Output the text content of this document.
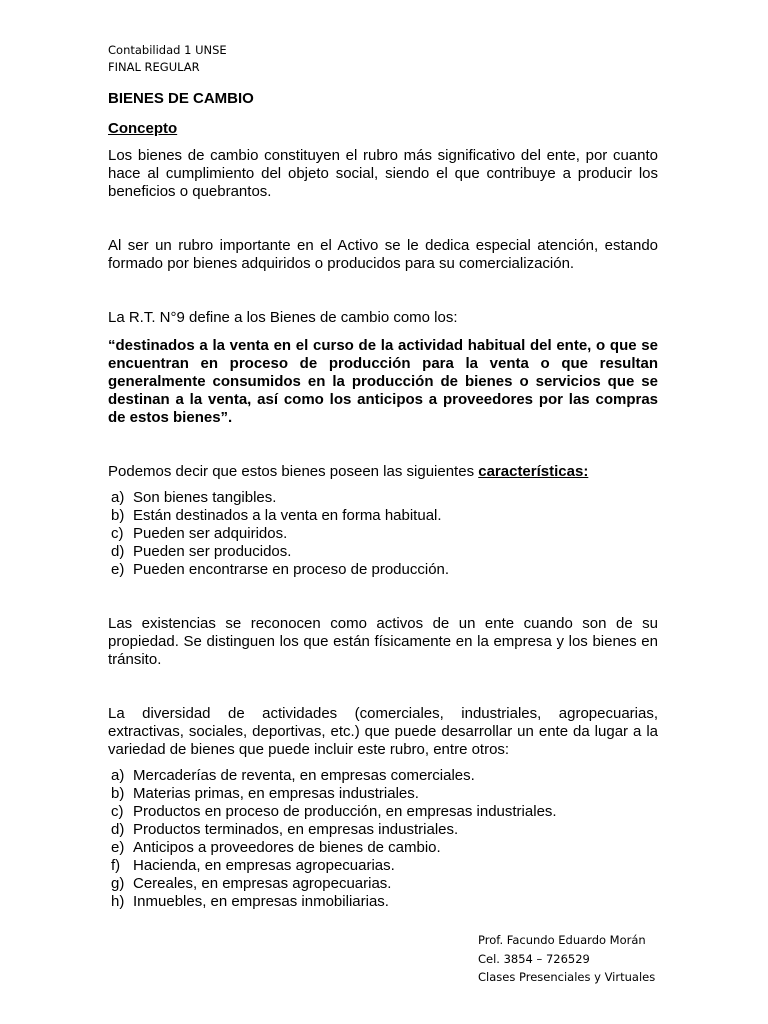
Contabilidad 1 UNSE
FINAL REGULAR
BIENES DE CAMBIO
Concepto

Los bienes de cambio constituyen el rubro más significativo del ente, por cuanto hace al cumplimiento del objeto social, siendo el que contribuye a producir los beneficios o quebrantos.

Al ser un rubro importante en el Activo se le dedica especial atención, estando formado por bienes adquiridos o producidos para su comercialización.

La R.T. N°9 define a los Bienes de cambio como los:

“destinados a la venta en el curso de la actividad habitual del ente, o que se encuentran en proceso de producción para la venta o que resultan generalmente consumidos en la producción de bienes o servicios que se destinan a la venta, así como los anticipos a proveedores por las compras de estos bienes”.

Podemos decir que estos bienes poseen las siguientes características:

a) Son bienes tangibles.
b) Están destinados a la venta en forma habitual.
c) Pueden ser adquiridos.
d) Pueden ser producidos.
e) Pueden encontrarse en proceso de producción.

Las existencias se reconocen como activos de un ente cuando son de su propiedad. Se distinguen los que están físicamente en la empresa y los bienes en tránsito.

La diversidad de actividades (comerciales, industriales, agropecuarias, extractivas, sociales, deportivas, etc.) que puede desarrollar un ente da lugar a la variedad de bienes que puede incluir este rubro, entre otros:

a) Mercaderías de reventa, en empresas comerciales.
b) Materias primas, en empresas industriales.
c) Productos en proceso de producción, en empresas industriales.
d) Productos terminados, en empresas industriales.
e) Anticipos a proveedores de bienes de cambio.
f) Hacienda, en empresas agropecuarias.
g) Cereales, en empresas agropecuarias.
h) Inmuebles, en empresas inmobiliarias.
Prof. Facundo Eduardo Morán
Cel. 3854 – 726529
Clases Presenciales y Virtuales
